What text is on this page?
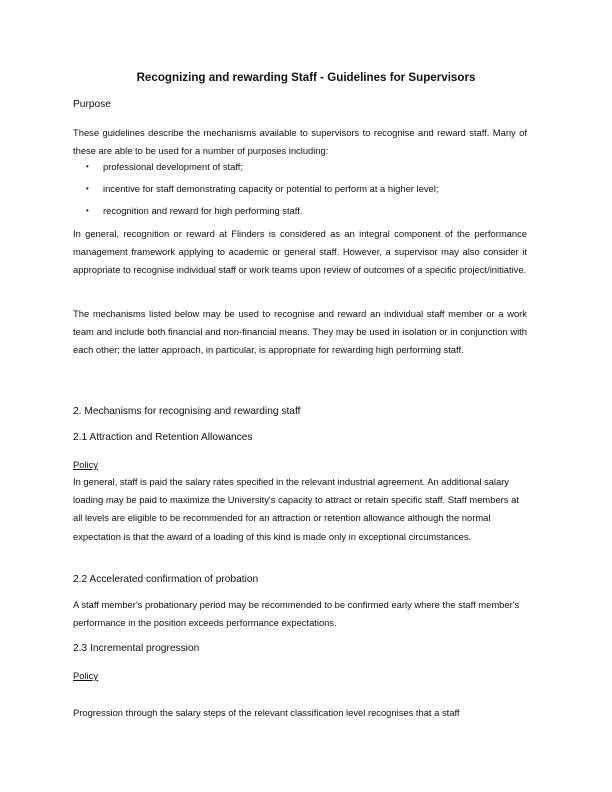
Recognizing and rewarding Staff - Guidelines for Supervisors
Purpose
These guidelines describe the mechanisms available to supervisors to recognise and reward staff. Many of these are able to be used for a number of purposes including:
• professional development of staff;
• incentive for staff demonstrating capacity or potential to perform at a higher level;
• recognition and reward for high performing staff.
In general, recognition or reward at Flinders is considered as an integral component of the performance management framework applying to academic or general staff. However, a supervisor may also consider it appropriate to recognise individual staff or work teams upon review of outcomes of a specific project/initiative.
The mechanisms listed below may be used to recognise and reward an individual staff member or a work team and include both financial and non-financial means. They may be used in isolation or in conjunction with each other; the latter approach, in particular, is appropriate for rewarding high performing staff.
2. Mechanisms for recognising and rewarding staff
2.1 Attraction and Retention Allowances
Policy
In general, staff is paid the salary rates specified in the relevant industrial agreement. An additional salary loading may be paid to maximize the University's capacity to attract or retain specific staff. Staff members at all levels are eligible to be recommended for an attraction or retention allowance although the normal expectation is that the award of a loading of this kind is made only in exceptional circumstances.
2.2 Accelerated confirmation of probation
A staff member's probationary period may be recommended to be confirmed early where the staff member's performance in the position exceeds performance expectations.
2.3 Incremental progression
Policy
Progression through the salary steps of the relevant classification level recognises that a staff
